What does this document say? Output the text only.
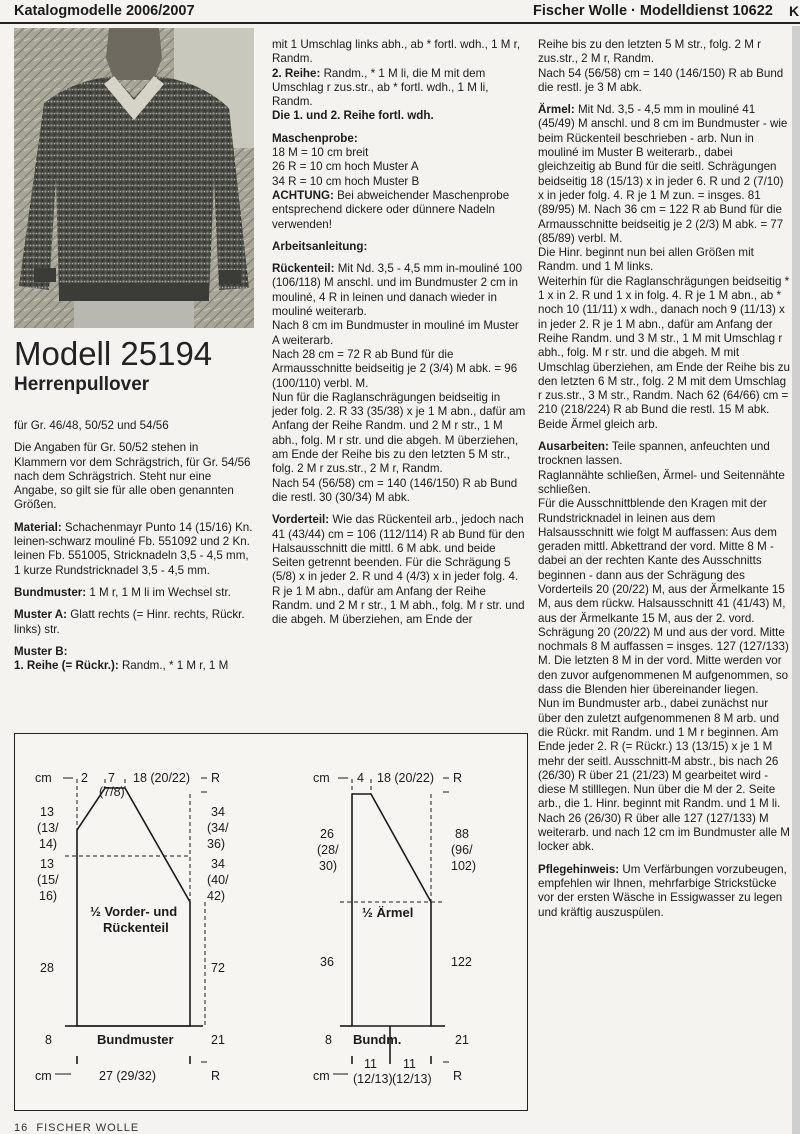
Katalogmodelle 2006/2007	Fischer Wolle · Modelldienst 10622 K
Modell 25194
Herrenpullover

für Gr. 46/48, 50/52 und 54/56

Die Angaben für Gr. 50/52 stehen in Klammern vor dem Schrägstrich, für Gr. 54/56 nach dem Schrägstrich. Steht nur eine Angabe, so gilt sie für alle oben genannten Größen.

Material: Schachenmayr Punto 14 (15/16) Kn. leinen-schwarz mouliné Fb. 551092 und 2 Kn. leinen Fb. 551005, Stricknadeln 3,5 - 4,5 mm, 1 kurze Rundstricknadel 3,5 - 4,5 mm.

Bundmuster: 1 M r, 1 M li im Wechsel str.

Muster A: Glatt rechts (= Hinr. rechts, Rückr. links) str.

Muster B:

1. Reihe (= Rückr.): Randm., * 1 M r, 1 M

mit 1 Umschlag links abh., ab * fortl. wdh., 1 M r, Randm.

2. Reihe: Randm., * 1 M li, die M mit dem Umschlag r zus.str., ab * fortl. wdh., 1 M li, Randm.

Die 1. und 2. Reihe fortl. wdh.

Maschenprobe:

18 M = 10 cm breit

26 R = 10 cm hoch Muster A

34 R = 10 cm hoch Muster B

ACHTUNG: Bei abweichender Maschenprobe entsprechend dickere oder dünnere Nadeln verwenden!

Arbeitsanleitung:

Rückenteil: Mit Nd. 3,5 - 4,5 mm in-mouliné 100 (106/118) M anschl. und im Bundmuster 2 cm in mouliné, 4 R in leinen und danach wieder in mouliné weiterarb.

Nach 8 cm im Bundmuster in mouliné im Muster A weiterarb.

Nach 28 cm = 72 R ab Bund für die Armausschnitte beidseitig je 2 (3/4) M abk. = 96 (100/110) verbl. M.

Nun für die Raglanschrägungen beidseitig in jeder folg. 2. R 33 (35/38) x je 1 M abn., dafür am Anfang der Reihe Randm. und 2 M r str., 1 M abh., folg. M r str. und die abgeh. M überziehen, am Ende der Reihe bis zu den letzten 5 M str., folg. 2 M r zus.str., 2 M r, Randm.

Nach 54 (56/58) cm = 140 (146/150) R ab Bund die restl. 30 (30/34) M abk.

Vorderteil: Wie das Rückenteil arb., jedoch nach 41 (43/44) cm = 106 (112/114) R ab Bund für den Halsausschnitt die mittl. 6 M abk. und beide Seiten getrennt beenden. Für die Schrägung 5 (5/8) x in jeder 2. R und 4 (4/3) x in jeder folg. 4. R je 1 M abn., dafür am Anfang der Reihe Randm. und 2 M r str., 1 M abh., folg. M r str. und die abgeh. M überziehen, am Ende der

Reihe bis zu den letzten 5 M str., folg. 2 M r zus.str., 2 M r, Randm.

Nach 54 (56/58) cm = 140 (146/150) R ab Bund die restl. je 3 M abk.

Ärmel: Mit Nd. 3,5 - 4,5 mm in mouliné 41 (45/49) M anschl. und 8 cm im Bundmuster - wie beim Rückenteil beschrieben - arb. Nun in mouliné im Muster B weiterarb., dabei gleichzeitig ab Bund für die seitl. Schrägungen beidseitig 18 (15/13) x in jeder 6. R und 2 (7/10) x in jeder folg. 4. R je 1 M zun. = insges. 81 (89/95) M. Nach 36 cm = 122 R ab Bund für die Armausschnitte beidseitig je 2 (2/3) M abk. = 77 (85/89) verbl. M.

Die Hinr. beginnt nun bei allen Größen mit Randm. und 1 M links.

Weiterhin für die Raglanschrägungen beidseitig * 1 x in 2. R und 1 x in folg. 4. R je 1 M abn., ab * noch 10 (11/11) x wdh., danach noch 9 (11/13) x in jeder 2. R je 1 M abn., dafür am Anfang der Reihe Randm. und 3 M str., 1 M mit Umschlag r abh., folg. M r str. und die abgeh. M mit Umschlag überziehen, am Ende der Reihe bis zu den letzten 6 M str., folg. 2 M mit dem Umschlag r zus.str., 3 M str., Randm. Nach 62 (64/66) cm = 210 (218/224) R ab Bund die restl. 15 M abk. Beide Ärmel gleich arb.

Ausarbeiten: Teile spannen, anfeuchten und trocknen lassen.

Raglannähte schließen, Ärmel- und Seitennähte schließen.

Für die Ausschnittblende den Kragen mit der Rundstricknadel in leinen aus dem Halsausschnitt wie folgt M auffassen: Aus dem geraden mittl. Abkettrand der vord. Mitte 8 M - dabei an der rechten Kante des Ausschnitts beginnen - dann aus der Schrägung des Vorderteils 20 (20/22) M, aus der Ärmelkante 15 M, aus dem rückw. Halsausschnitt 41 (41/43) M, aus der Ärmelkante 15 M, aus der 2. vord. Schrägung 20 (20/22) M und aus der vord. Mitte nochmals 8 M auffassen = insges. 127 (127/133) M. Die letzten 8 M in der vord. Mitte werden vor den zuvor aufgenommenen M aufgenommen, so dass die Blenden hier übereinander liegen.

Nun im Bundmuster arb., dabei zunächst nur über den zuletzt aufgenommenen 8 M arb. und die Rückr. mit Randm. und 1 M r beginnen. Am Ende jeder 2. R (= Rückr.) 13 (13/15) x je 1 M mehr der seitl. Ausschnitt-M abstr., bis nach 26 (26/30) R über 21 (21/23) M gearbeitet wird - diese M stilllegen. Nun über die M der 2. Seite arb., die 1. Hinr. beginnt mit Randm. und 1 M li. Nach 26 (26/30) R über alle 127 (127/133) M weiterarb. und nach 12 cm im Bundmuster alle M locker abk.

Pflegehinweis: Um Verfärbungen vorzubeugen, empfehlen wir Ihnen, mehrfarbige Strickstücke vor der ersten Wäsche in Essigwasser zu legen und kräftig auszuspülen.

cm 2 7
(7/8)
18 (20/22) R
13
(13/
14)
13
(15/
16)
28
8
34
(34/
36)
34
(40/
42)
72
21
½ Vorder- und
Rückenteil
Bundmuster
27 (29/32)
cm	R
cm 4 18 (20/22) R
26
(28/
30)
36
8
88
(96/
102)
122
21
½ Ärmel
Bundm.
11
(12/13)
11
(12/13)
cm	R
16 FISCHER WOLLE
